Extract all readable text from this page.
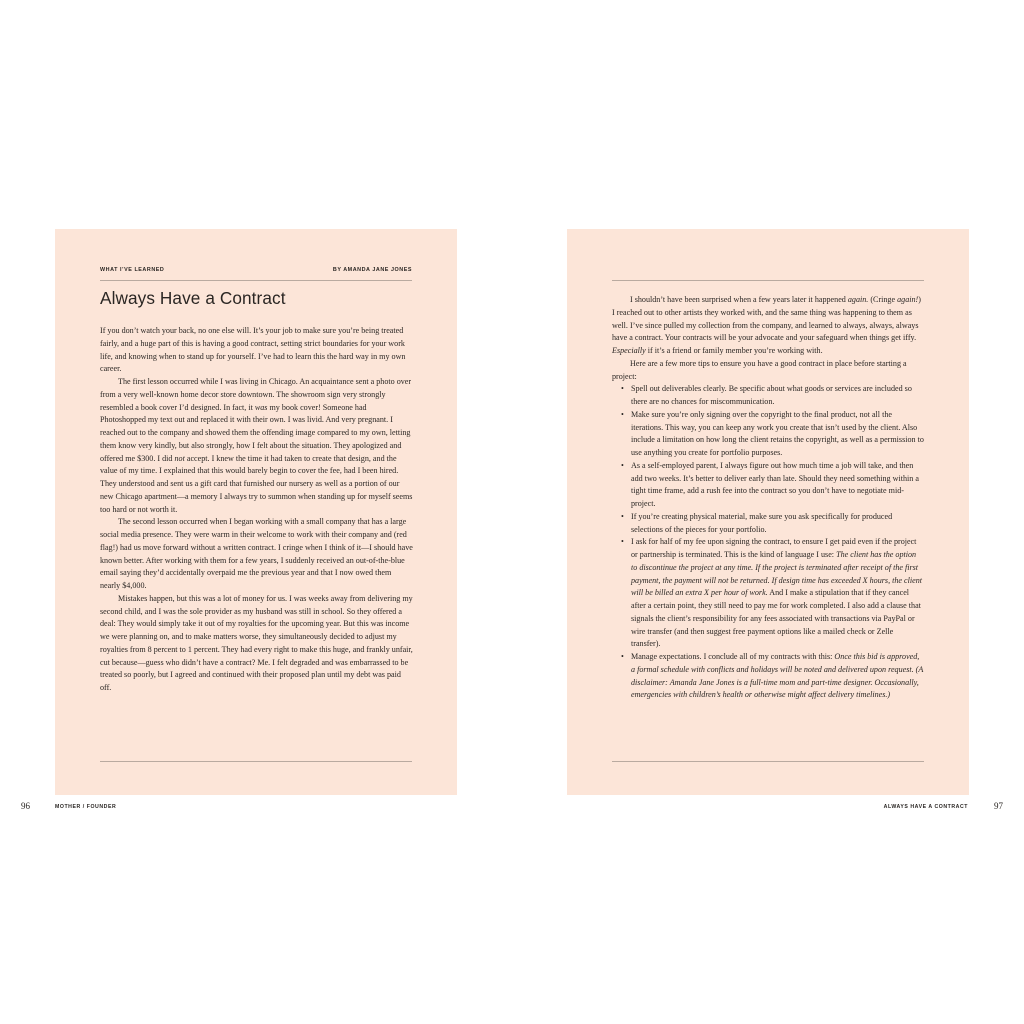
WHAT I’VE LEARNED	BY AMANDA JANE JONES
Always Have a Contract

If you don’t watch your back, no one else will. It’s your job to make sure you’re being treated fairly, and a huge part of this is having a good contract, setting strict boundaries for your work life, and knowing when to stand up for yourself. I’ve had to learn this the hard way in my own career.

The first lesson occurred while I was living in Chicago. An acquaintance sent a photo over from a very well-known home decor store downtown. The showroom sign very strongly resembled a book cover I’d designed. In fact, it was my book cover! Someone had Photoshopped my text out and replaced it with their own. I was livid. And very pregnant. I reached out to the company and showed them the offending image compared to my own, letting them know very kindly, but also strongly, how I felt about the situation. They apologized and offered me $300. I did not accept. I knew the time it had taken to create that design, and the value of my time. I explained that this would barely begin to cover the fee, had I been hired. They understood and sent us a gift card that furnished our nursery as well as a portion of our new Chicago apartment—a memory I always try to summon when standing up for myself seems too hard or not worth it.

The second lesson occurred when I began working with a small company that has a large social media presence. They were warm in their welcome to work with their company and (red flag!) had us move forward without a written contract. I cringe when I think of it—I should have known better. After working with them for a few years, I suddenly received an out-of-the-blue email saying they’d accidentally overpaid me the previous year and that I now owed them nearly $4,000.

Mistakes happen, but this was a lot of money for us. I was weeks away from delivering my second child, and I was the sole provider as my husband was still in school. So they offered a deal: They would simply take it out of my royalties for the upcoming year. But this was income we were planning on, and to make matters worse, they simultaneously decided to adjust my royalties from 8 percent to 1 percent. They had every right to make this huge, and frankly unfair, cut because—guess who didn’t have a contract? Me. I felt degraded and was embarrassed to be treated so poorly, but I agreed and continued with their proposed plan until my debt was paid off.

I shouldn’t have been surprised when a few years later it happened again. (Cringe again!) I reached out to other artists they worked with, and the same thing was happening to them as well. I’ve since pulled my collection from the company, and learned to always, always, always have a contract. Your contracts will be your advocate and your safeguard when things get iffy. Especially if it’s a friend or family member you’re working with.

Here are a few more tips to ensure you have a good contract in place before starting a project:

• Spell out deliverables clearly. Be specific about what goods or services are included so there are no chances for miscommunication.
• Make sure you’re only signing over the copyright to the final product, not all the iterations. This way, you can keep any work you create that isn’t used by the client. Also include a limitation on how long the client retains the copyright, as well as a permission to use anything you create for portfolio purposes.
• As a self-employed parent, I always figure out how much time a job will take, and then add two weeks. It’s better to deliver early than late. Should they need something within a tight time frame, add a rush fee into the contract so you don’t have to negotiate mid-project.
• If you’re creating physical material, make sure you ask specifically for produced selections of the pieces for your portfolio.
• I ask for half of my fee upon signing the contract, to ensure I get paid even if the project or partnership is terminated. This is the kind of language I use: The client has the option to discontinue the project at any time. If the project is terminated after receipt of the first payment, the payment will not be returned. If design time has exceeded X hours, the client will be billed an extra X per hour of work. And I make a stipulation that if they cancel after a certain point, they still need to pay me for work completed. I also add a clause that signals the client’s responsibility for any fees associated with transactions via PayPal or wire transfer (and then suggest free payment options like a mailed check or Zelle transfer).
• Manage expectations. I conclude all of my contracts with this: Once this bid is approved, a formal schedule with conflicts and holidays will be noted and delivered upon request. (A disclaimer: Amanda Jane Jones is a full-time mom and part-time designer. Occasionally, emergencies with children’s health or otherwise might affect delivery timelines.)
96	MOTHER / FOUNDER	ALWAYS HAVE A CONTRACT	97
